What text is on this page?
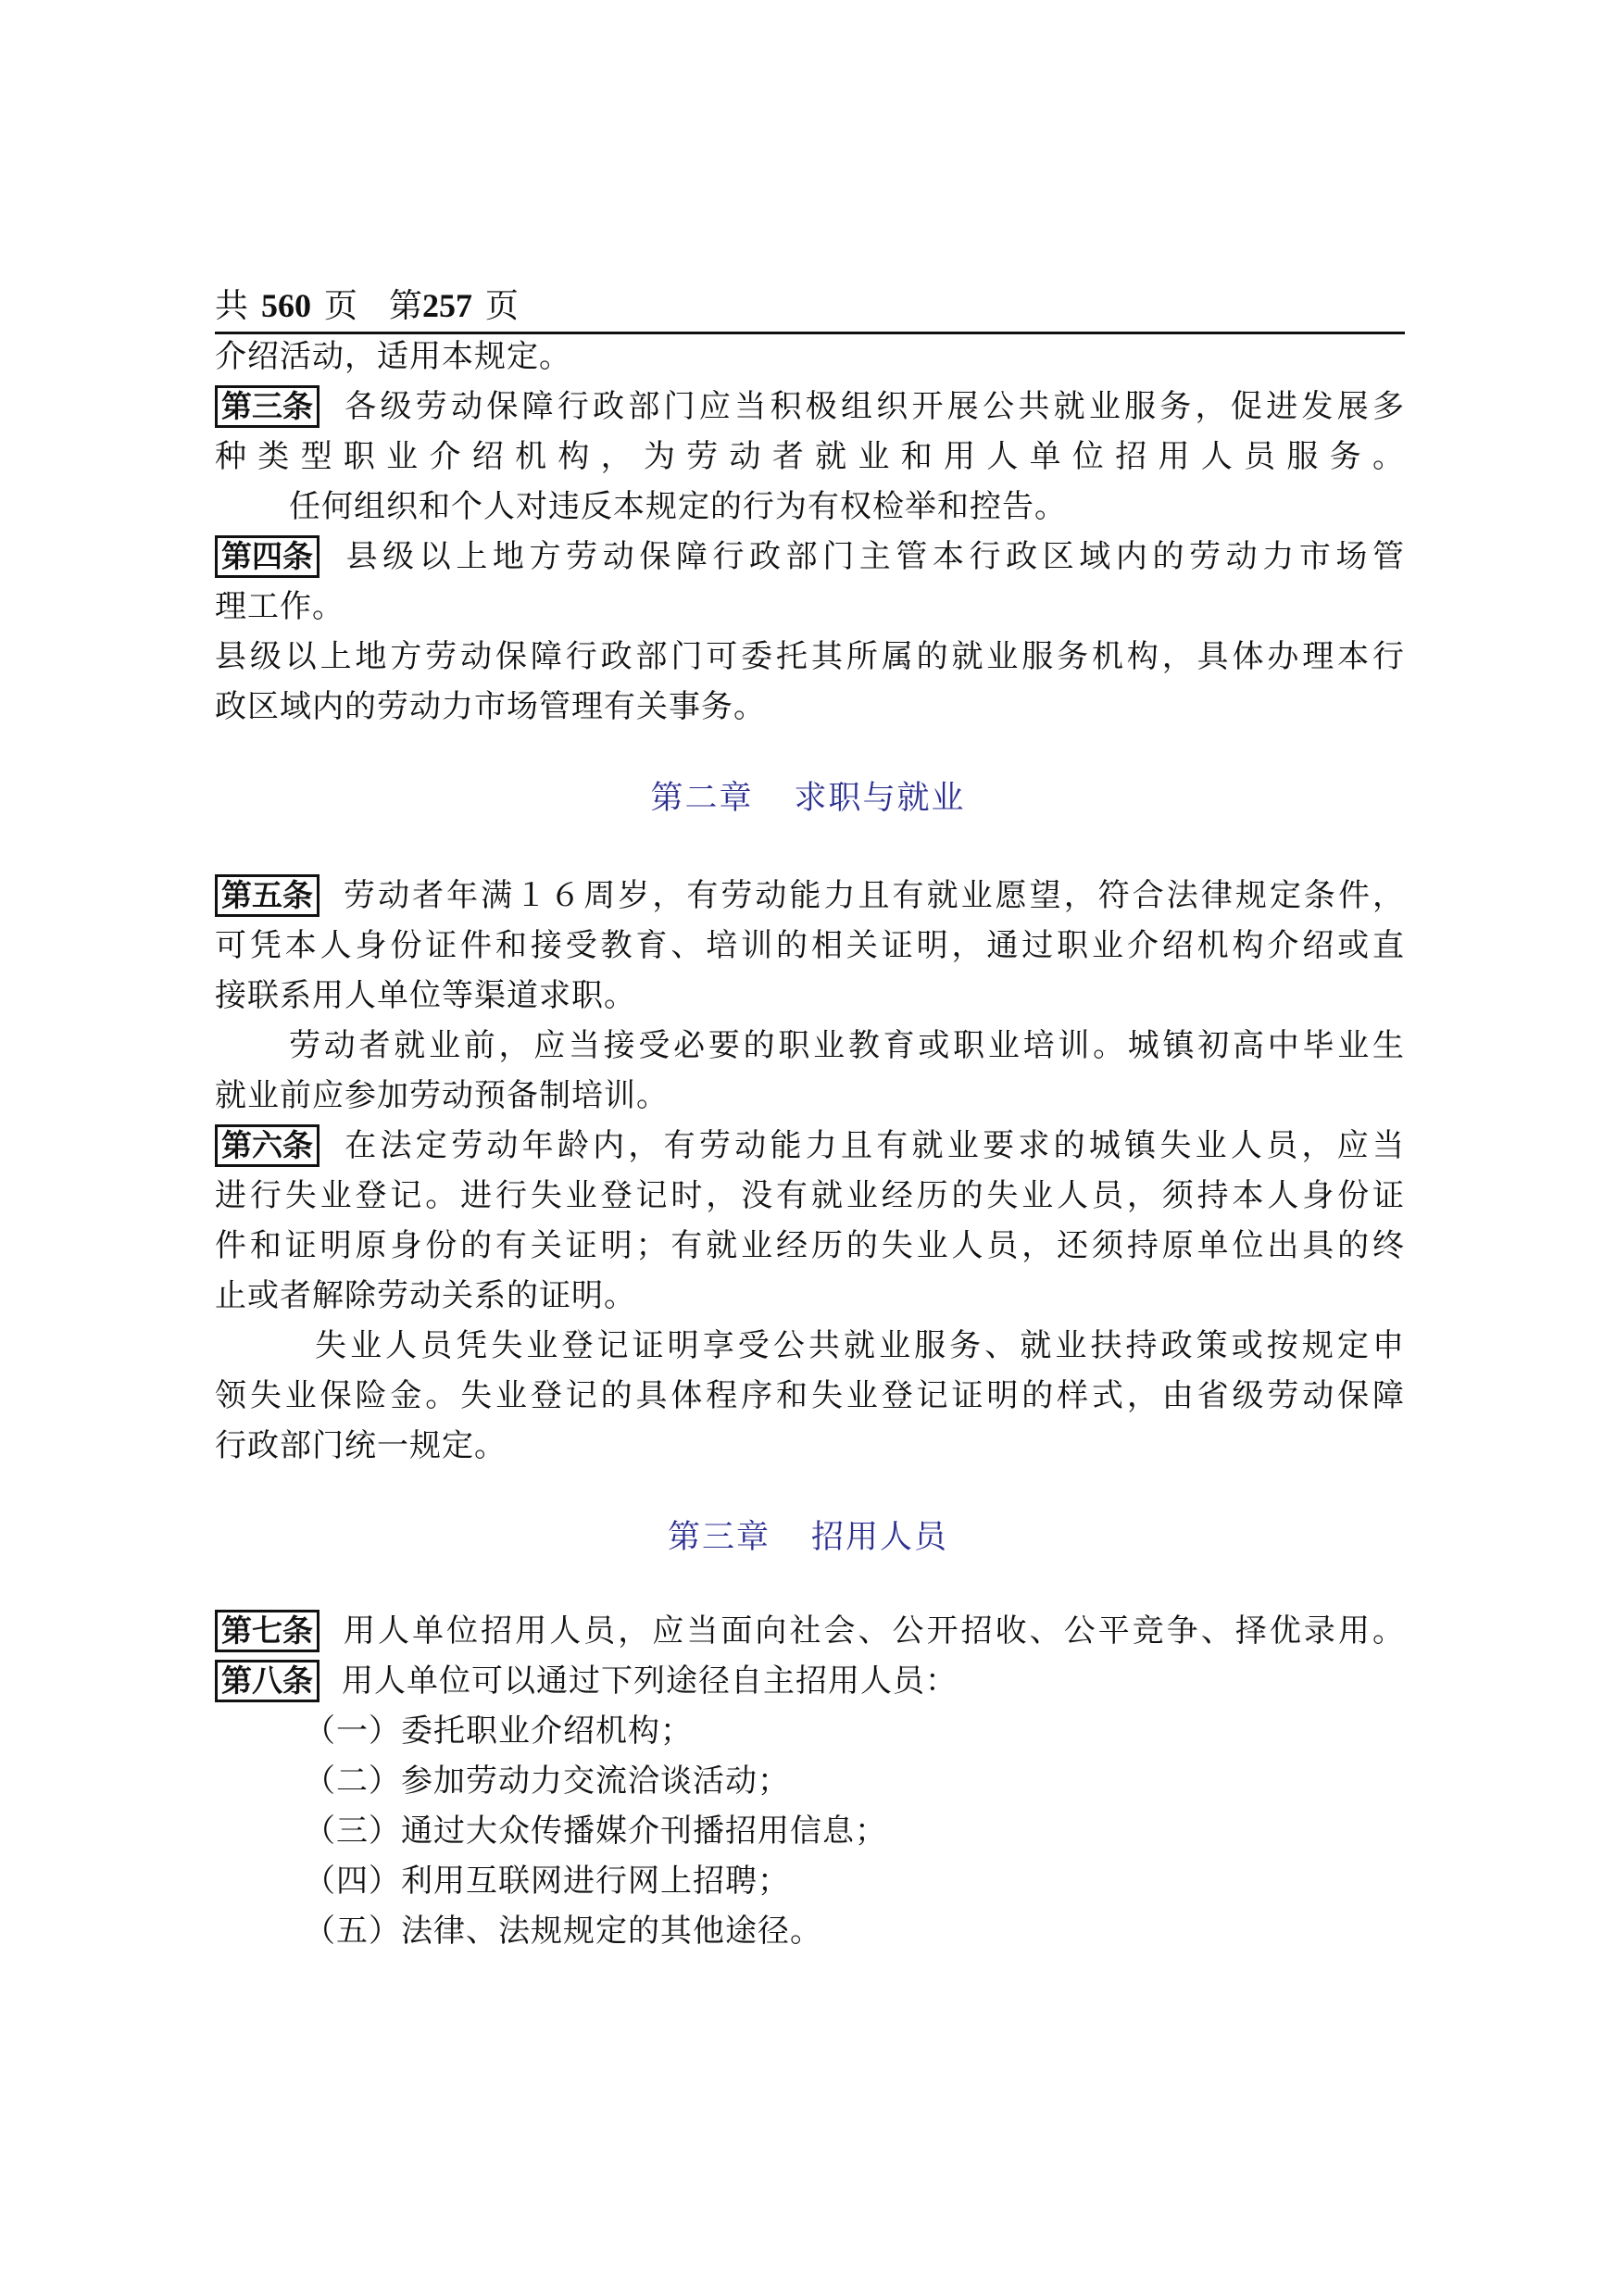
共 560 页 第257 页
介绍活动，适用本规定。
第三条 各级劳动保障行政部门应当积极组织开展公共就业服务，促进发展多
种类型职业介绍机构，为劳动者就业和用人单位招用人员服务。
任何组织和个人对违反本规定的行为有权检举和控告。
第四条 县级以上地方劳动保障行政部门主管本行政区域内的劳动力市场管
理工作。
县级以上地方劳动保障行政部门可委托其所属的就业服务机构，具体办理本行
政区域内的劳动力市场管理有关事务。
第二章 求职与就业
第五条 劳动者年满１６周岁，有劳动能力且有就业愿望，符合法律规定条件，
可凭本人身份证件和接受教育、培训的相关证明，通过职业介绍机构介绍或直
接联系用人单位等渠道求职。
劳动者就业前，应当接受必要的职业教育或职业培训。城镇初高中毕业生
就业前应参加劳动预备制培训。
第六条 在法定劳动年龄内，有劳动能力且有就业要求的城镇失业人员，应当
进行失业登记。进行失业登记时，没有就业经历的失业人员，须持本人身份证
件和证明原身份的有关证明；有就业经历的失业人员，还须持原单位出具的终
止或者解除劳动关系的证明。
失业人员凭失业登记证明享受公共就业服务、就业扶持政策或按规定申
领失业保险金。失业登记的具体程序和失业登记证明的样式，由省级劳动保障
行政部门统一规定。
第三章 招用人员
第七条 用人单位招用人员，应当面向社会、公开招收、公平竞争、择优录用。
第八条 用人单位可以通过下列途径自主招用人员：
（一）委托职业介绍机构；
（二）参加劳动力交流洽谈活动；
（三）通过大众传播媒介刊播招用信息；
（四）利用互联网进行网上招聘；
（五）法律、法规规定的其他途径。
